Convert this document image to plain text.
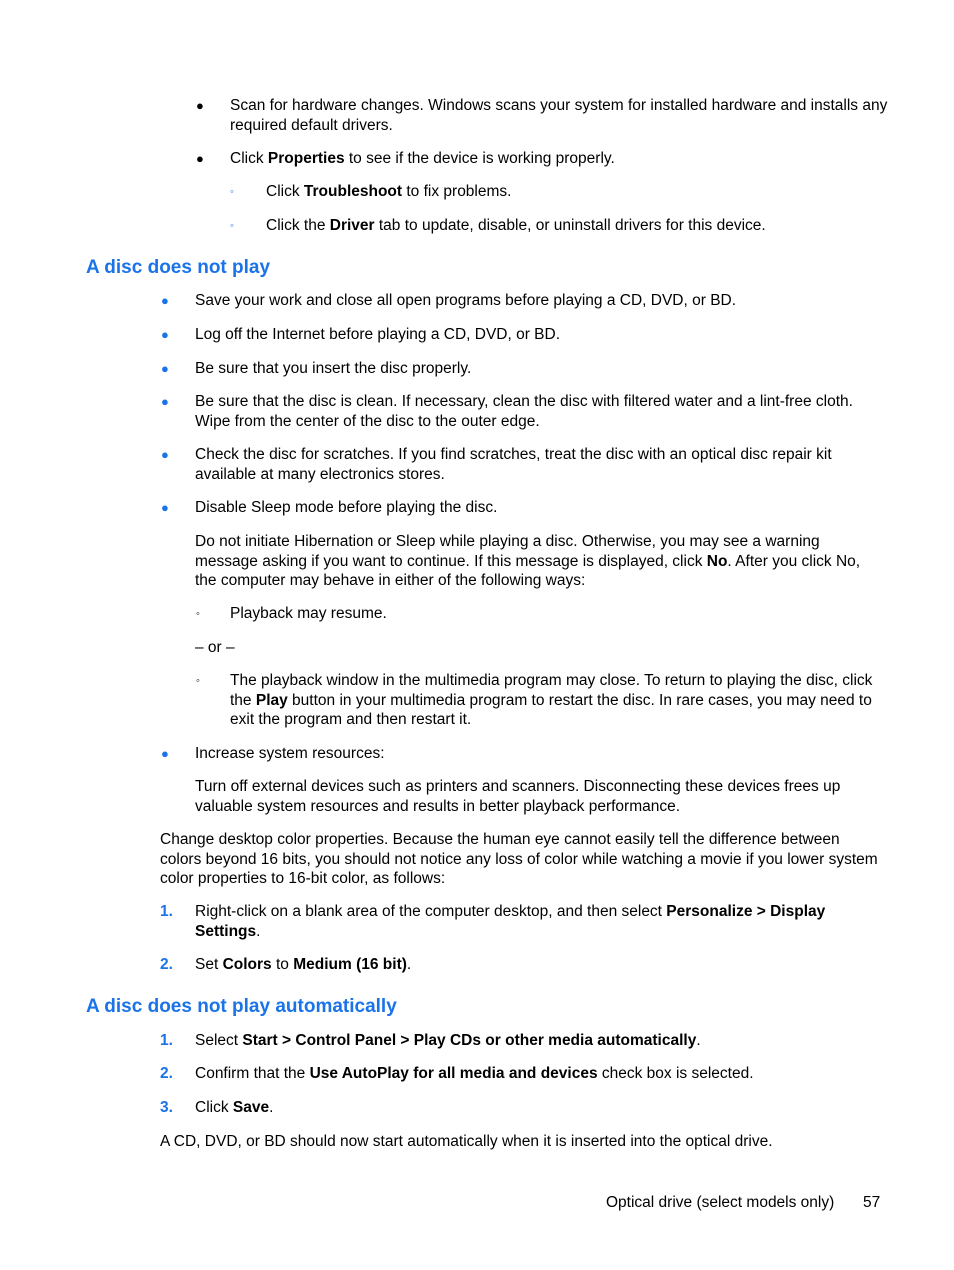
● Scan for hardware changes. Windows scans your system for installed hardware and installs any required default drivers.
● Click Properties to see if the device is working properly.
◦ Click Troubleshoot to fix problems.
◦ Click the Driver tab to update, disable, or uninstall drivers for this device.
A disc does not play
● Save your work and close all open programs before playing a CD, DVD, or BD.
● Log off the Internet before playing a CD, DVD, or BD.
● Be sure that you insert the disc properly.
● Be sure that the disc is clean. If necessary, clean the disc with filtered water and a lint-free cloth. Wipe from the center of the disc to the outer edge.
● Check the disc for scratches. If you find scratches, treat the disc with an optical disc repair kit available at many electronics stores.
● Disable Sleep mode before playing the disc.
Do not initiate Hibernation or Sleep while playing a disc. Otherwise, you may see a warning message asking if you want to continue. If this message is displayed, click No. After you click No, the computer may behave in either of the following ways:
◦ Playback may resume.
– or –
◦ The playback window in the multimedia program may close. To return to playing the disc, click the Play button in your multimedia program to restart the disc. In rare cases, you may need to exit the program and then restart it.
● Increase system resources:
Turn off external devices such as printers and scanners. Disconnecting these devices frees up valuable system resources and results in better playback performance.
Change desktop color properties. Because the human eye cannot easily tell the difference between colors beyond 16 bits, you should not notice any loss of color while watching a movie if you lower system color properties to 16-bit color, as follows:
1. Right-click on a blank area of the computer desktop, and then select Personalize > Display Settings.
2. Set Colors to Medium (16 bit).
A disc does not play automatically
1. Select Start > Control Panel > Play CDs or other media automatically.
2. Confirm that the Use AutoPlay for all media and devices check box is selected.
3. Click Save.
A CD, DVD, or BD should now start automatically when it is inserted into the optical drive.
Optical drive (select models only) 57
